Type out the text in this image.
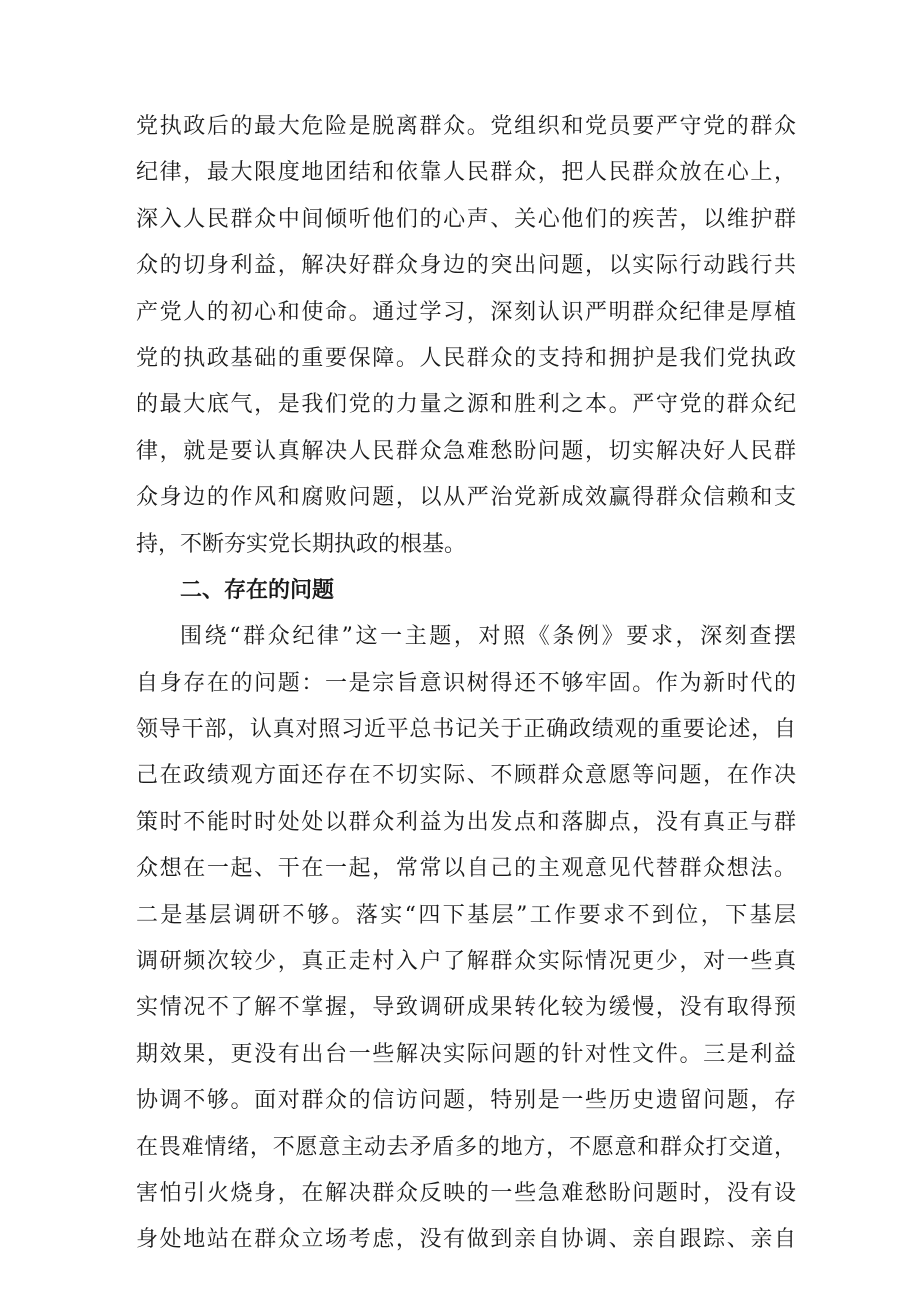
党执政后的最大危险是脱离群众。党组织和党员要严守党的群众
纪律，最大限度地团结和依靠人民群众，把人民群众放在心上，
深入人民群众中间倾听他们的心声、关心他们的疾苦，以维护群
众的切身利益，解决好群众身边的突出问题，以实际行动践行共
产党人的初心和使命。通过学习，深刻认识严明群众纪律是厚植
党的执政基础的重要保障。人民群众的支持和拥护是我们党执政
的最大底气，是我们党的力量之源和胜利之本。严守党的群众纪
律，就是要认真解决人民群众急难愁盼问题，切实解决好人民群
众身边的作风和腐败问题，以从严治党新成效赢得群众信赖和支
持，不断夯实党长期执政的根基。
二、存在的问题
围绕“群众纪律”这一主题，对照《条例》要求，深刻查摆
自身存在的问题：一是宗旨意识树得还不够牢固。作为新时代的
领导干部，认真对照习近平总书记关于正确政绩观的重要论述，自
己在政绩观方面还存在不切实际、不顾群众意愿等问题，在作决
策时不能时时处处以群众利益为出发点和落脚点，没有真正与群
众想在一起、干在一起，常常以自己的主观意见代替群众想法。
二是基层调研不够。落实“四下基层”工作要求不到位，下基层
调研频次较少，真正走村入户了解群众实际情况更少，对一些真
实情况不了解不掌握，导致调研成果转化较为缓慢，没有取得预
期效果，更没有出台一些解决实际问题的针对性文件。三是利益
协调不够。面对群众的信访问题，特别是一些历史遗留问题，存
在畏难情绪，不愿意主动去矛盾多的地方，不愿意和群众打交道，
害怕引火烧身，在解决群众反映的一些急难愁盼问题时，没有设
身处地站在群众立场考虑，没有做到亲自协调、亲自跟踪、亲自
